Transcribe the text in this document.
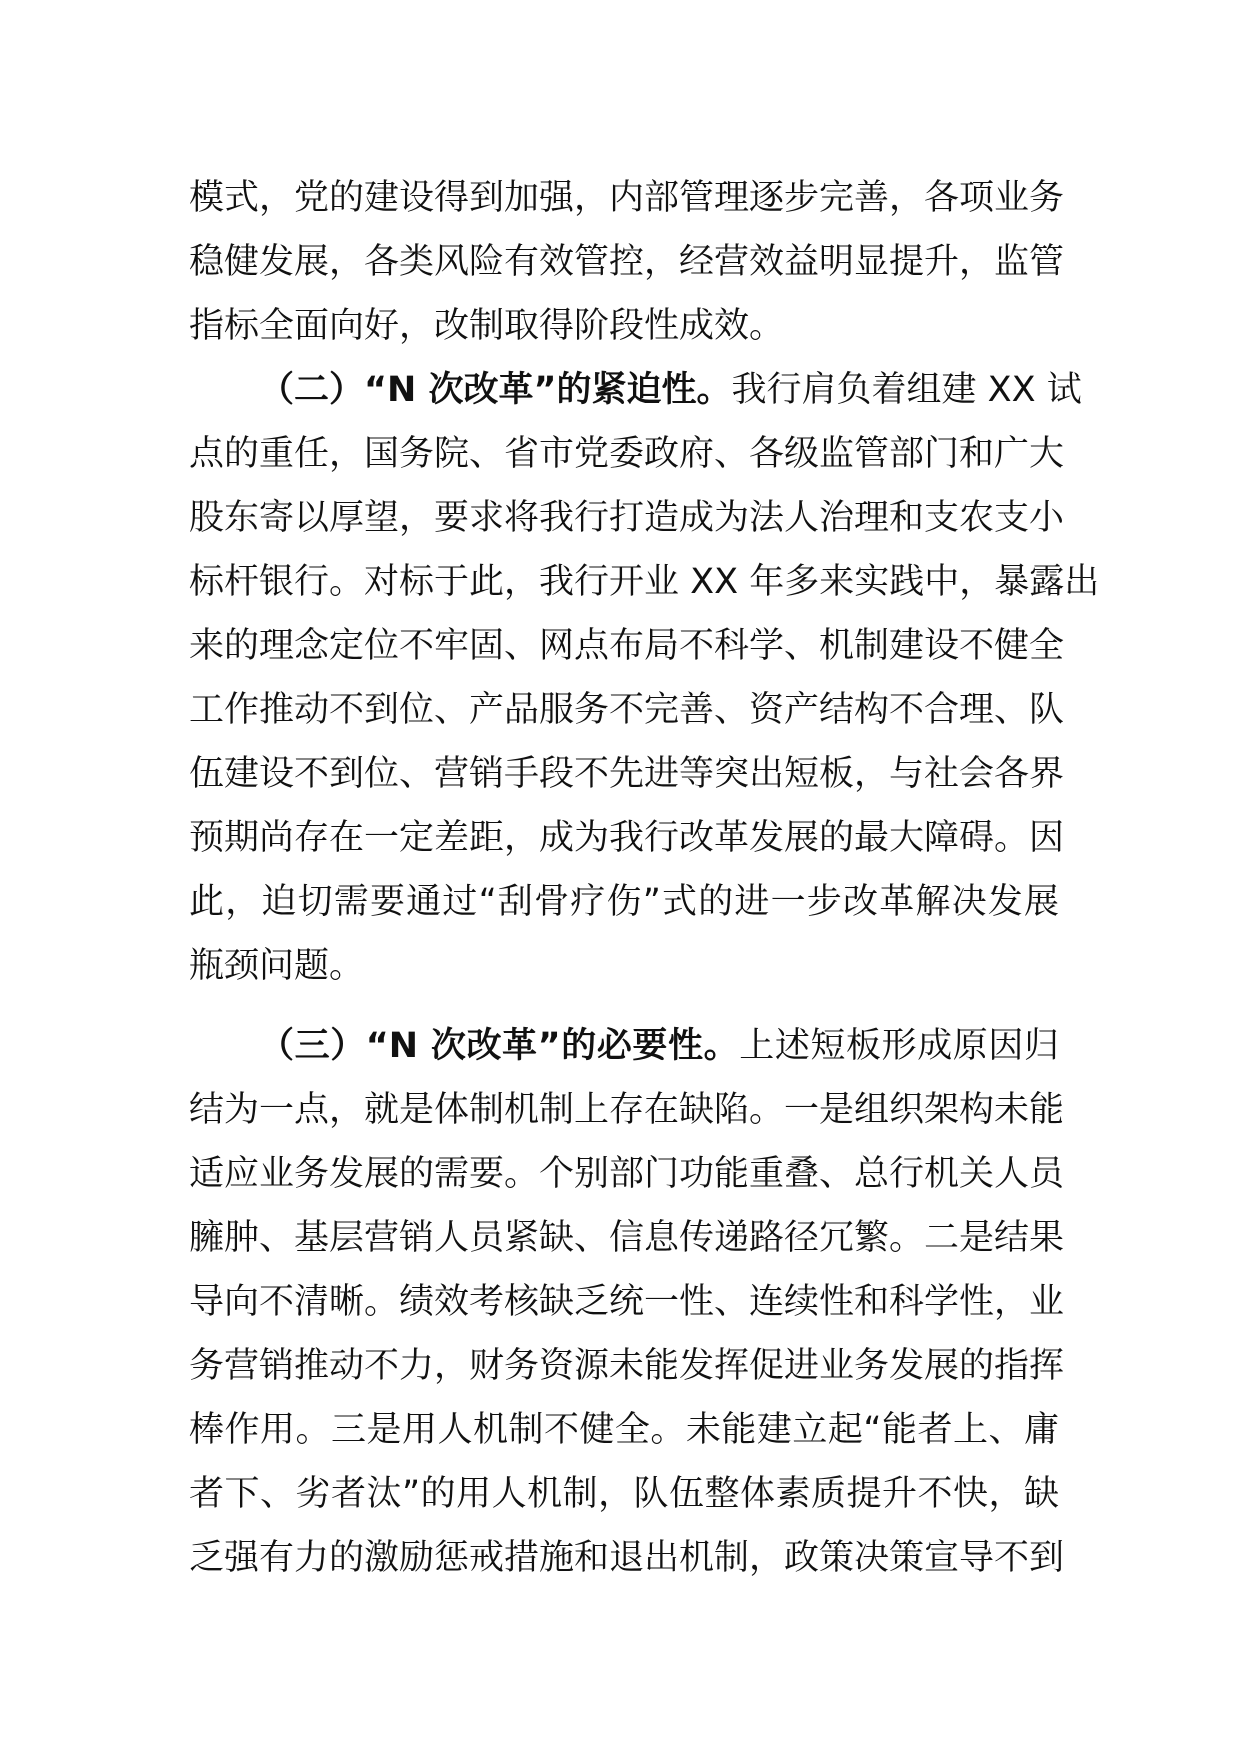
模式，党的建设得到加强，内部管理逐步完善，各项业务
稳健发展，各类风险有效管控，经营效益明显提升，监管
指标全面向好，改制取得阶段性成效。
（二）“N 次改革”的紧迫性。我行肩负着组建 XX 试
点的重任，国务院、省市党委政府、各级监管部门和广大
股东寄以厚望，要求将我行打造成为法人治理和支农支小
标杆银行。对标于此，我行开业 XX 年多来实践中，暴露出
来的理念定位不牢固、网点布局不科学、机制建设不健全
工作推动不到位、产品服务不完善、资产结构不合理、队
伍建设不到位、营销手段不先进等突出短板，与社会各界
预期尚存在一定差距，成为我行改革发展的最大障碍。因
此，迫切需要通过“刮骨疗伤”式的进一步改革解决发展
瓶颈问题。
（三）“N 次改革”的必要性。上述短板形成原因归
结为一点，就是体制机制上存在缺陷。一是组织架构未能
适应业务发展的需要。个别部门功能重叠、总行机关人员
臃肿、基层营销人员紧缺、信息传递路径冗繁。二是结果
导向不清晰。绩效考核缺乏统一性、连续性和科学性，业
务营销推动不力，财务资源未能发挥促进业务发展的指挥
棒作用。三是用人机制不健全。未能建立起“能者上、庸
者下、劣者汰”的用人机制，队伍整体素质提升不快，缺
乏强有力的激励惩戒措施和退出机制，政策决策宣导不到
